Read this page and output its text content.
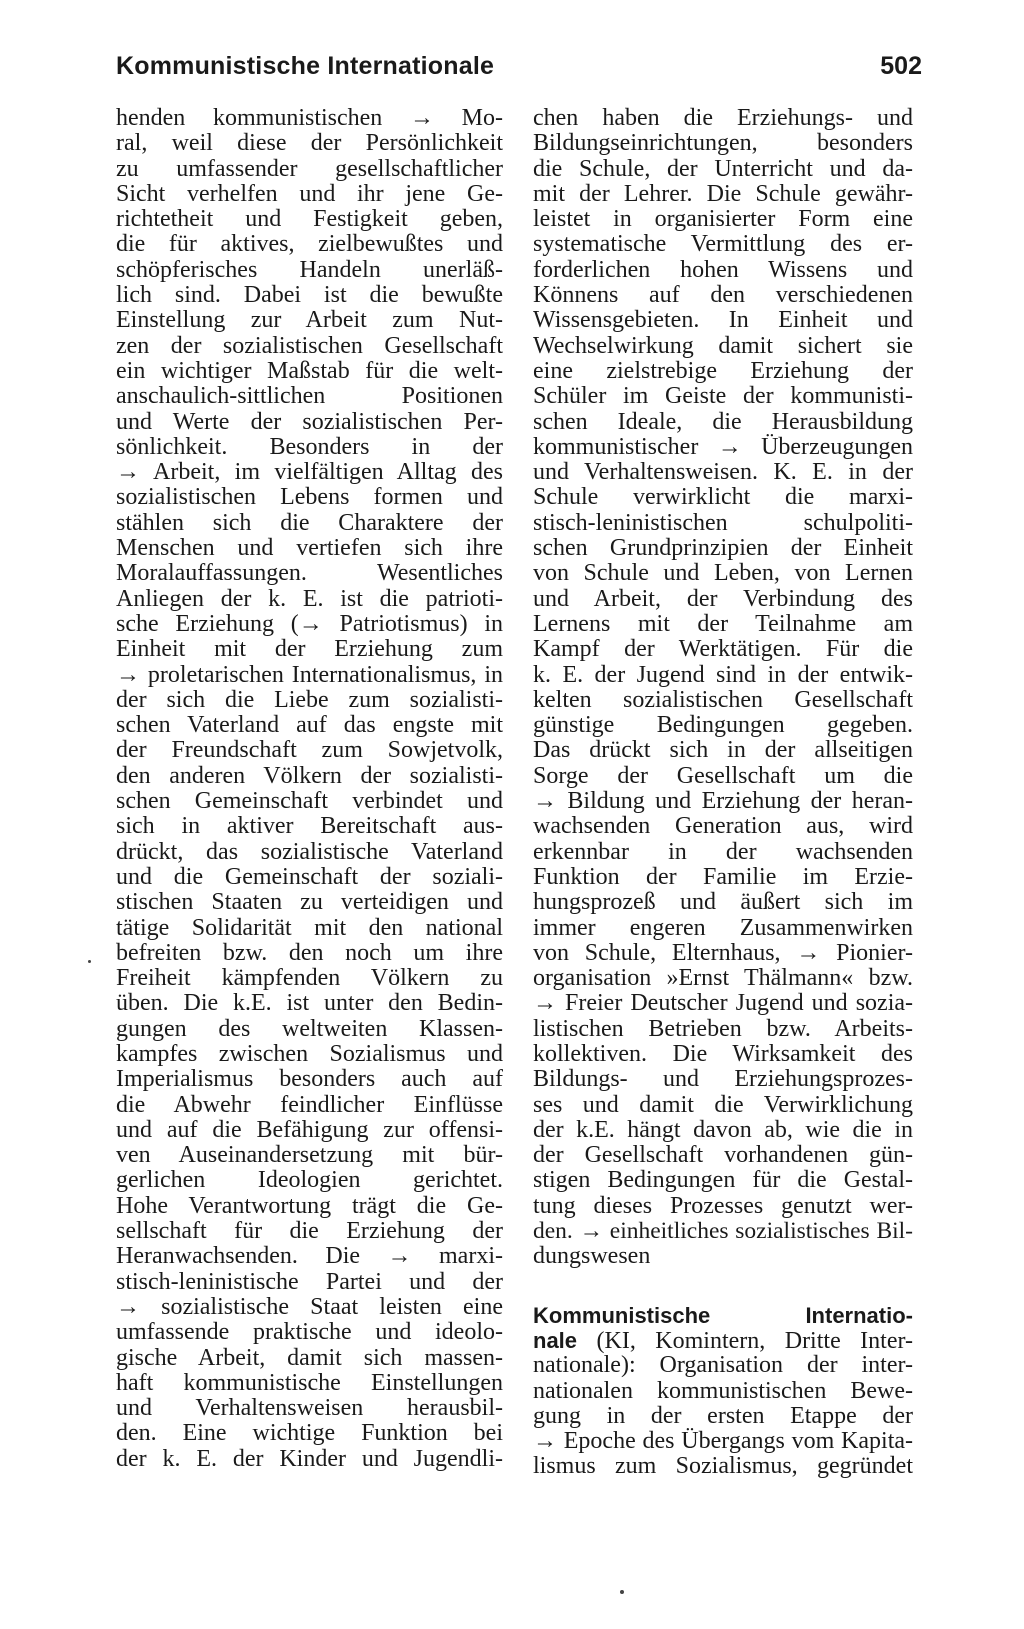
Kommunistische Internationale	502
henden kommunistischen → Mo-
ral, weil diese der Persönlichkeit
zu umfassender gesellschaftlicher
Sicht verhelfen und ihr jene Ge-
richtetheit und Festigkeit geben,
die für aktives, zielbewußtes und
schöpferisches Handeln unerläß-
lich sind. Dabei ist die bewußte
Einstellung zur Arbeit zum Nut-
zen der sozialistischen Gesellschaft
ein wichtiger Maßstab für die welt-
anschaulich-sittlichen Positionen
und Werte der sozialistischen Per-
sönlichkeit. Besonders in der
→ Arbeit, im vielfältigen Alltag des
sozialistischen Lebens formen und
stählen sich die Charaktere der
Menschen und vertiefen sich ihre
Moralauffassungen. Wesentliches
Anliegen der k. E. ist die patrioti-
sche Erziehung (→ Patriotismus) in
Einheit mit der Erziehung zum
→ proletarischen Internationalismus, in
der sich die Liebe zum sozialisti-
schen Vaterland auf das engste mit
der Freundschaft zum Sowjetvolk,
den anderen Völkern der sozialisti-
schen Gemeinschaft verbindet und
sich in aktiver Bereitschaft aus-
drückt, das sozialistische Vaterland
und die Gemeinschaft der soziali-
stischen Staaten zu verteidigen und
tätige Solidarität mit den national
befreiten bzw. den noch um ihre
Freiheit kämpfenden Völkern zu
üben. Die k.E. ist unter den Bedin-
gungen des weltweiten Klassen-
kampfes zwischen Sozialismus und
Imperialismus besonders auch auf
die Abwehr feindlicher Einflüsse
und auf die Befähigung zur offensi-
ven Auseinandersetzung mit bür-
gerlichen Ideologien gerichtet.
Hohe Verantwortung trägt die Ge-
sellschaft für die Erziehung der
Heranwachsenden. Die → marxi-
stisch-leninistische Partei und der
→ sozialistische Staat leisten eine
umfassende praktische und ideolo-
gische Arbeit, damit sich massen-
haft kommunistische Einstellungen
und Verhaltensweisen herausbil-
den. Eine wichtige Funktion bei
der k. E. der Kinder und Jugendli-
chen haben die Erziehungs- und
Bildungseinrichtungen, besonders
die Schule, der Unterricht und da-
mit der Lehrer. Die Schule gewähr-
leistet in organisierter Form eine
systematische Vermittlung des er-
forderlichen hohen Wissens und
Könnens auf den verschiedenen
Wissensgebieten. In Einheit und
Wechselwirkung damit sichert sie
eine zielstrebige Erziehung der
Schüler im Geiste der kommunisti-
schen Ideale, die Herausbildung
kommunistischer → Überzeugungen
und Verhaltensweisen. K. E. in der
Schule verwirklicht die marxi-
stisch-leninistischen schulpoliti-
schen Grundprinzipien der Einheit
von Schule und Leben, von Lernen
und Arbeit, der Verbindung des
Lernens mit der Teilnahme am
Kampf der Werktätigen. Für die
k. E. der Jugend sind in der entwik-
kelten sozialistischen Gesellschaft
günstige Bedingungen gegeben.
Das drückt sich in der allseitigen
Sorge der Gesellschaft um die
→ Bildung und Erziehung der heran-
wachsenden Generation aus, wird
erkennbar in der wachsenden
Funktion der Familie im Erzie-
hungsprozeß und äußert sich im
immer engeren Zusammenwirken
von Schule, Elternhaus, → Pionier-
organisation »Ernst Thälmann« bzw.
→ Freier Deutscher Jugend und sozia-
listischen Betrieben bzw. Arbeits-
kollektiven. Die Wirksamkeit des
Bildungs- und Erziehungsprozes-
ses und damit die Verwirklichung
der k.E. hängt davon ab, wie die in
der Gesellschaft vorhandenen gün-
stigen Bedingungen für die Gestal-
tung dieses Prozesses genutzt wer-
den. → einheitliches sozialistisches Bil-
dungswesen
Kommunistische Internatio-
nale (KI, Komintern, Dritte Inter-
nationale): Organisation der inter-
nationalen kommunistischen Bewe-
gung in der ersten Etappe der
→ Epoche des Übergangs vom Kapita-
lismus zum Sozialismus, gegründet
